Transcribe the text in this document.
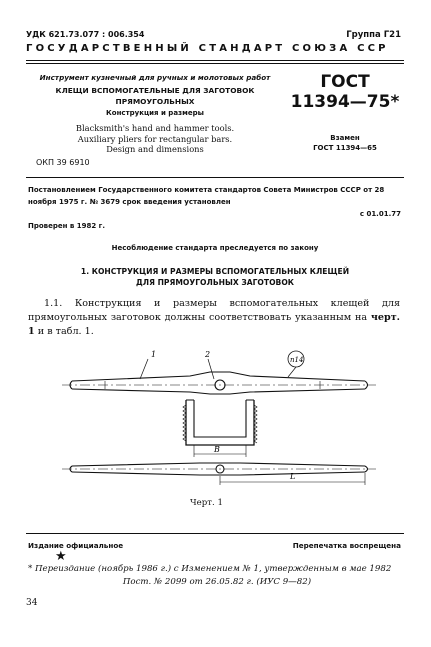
УДК 621.73.077 : 006.354	Группа Г21
ГОСУДАРСТВЕННЫЙ СТАНДАРТ СОЮЗА ССР
Инструмент кузнечный для ручных и молотовых работ
КЛЕЩИ ВСПОМОГАТЕЛЬНЫЕ ДЛЯ ЗАГОТОВОК
ПРЯМОУГОЛЬНЫХ
Конструкция и размеры
Blacksmith's hand and hammer tools.
Auxiliary pliers for rectangular bars.
Design and dimensions
ГОСТ
11394—75*
Взамен
ГОСТ 11394—65
ОКП 39 6910
Постановлением Государственного комитета стандартов Совета Министров СССР от 28 ноября 1975 г. № 3679 срок введения установлен
с 01.01.77
Проверен в 1982 г.
Несоблюдение стандарта преследуется по закону
1. КОНСТРУКЦИЯ И РАЗМЕРЫ ВСПОМОГАТЕЛЬНЫХ КЛЕЩЕЙ
ДЛЯ ПРЯМОУГОЛЬНЫХ ЗАГОТОВОК
1.1. Конструкция и размеры вспомогательных клещей для прямоугольных заготовок должны соответствовать указанным на черт. 1 и в табл. 1.
1	2
п14
B
L
Черт. 1
Издание официальное	Перепечатка воспрещена
★
* Переиздание (ноябрь 1986 г.) с Изменением № 1, утвержденным в мае 1982
Пост. № 2099 от 26.05.82 г. (ИУС 9—82)
34
